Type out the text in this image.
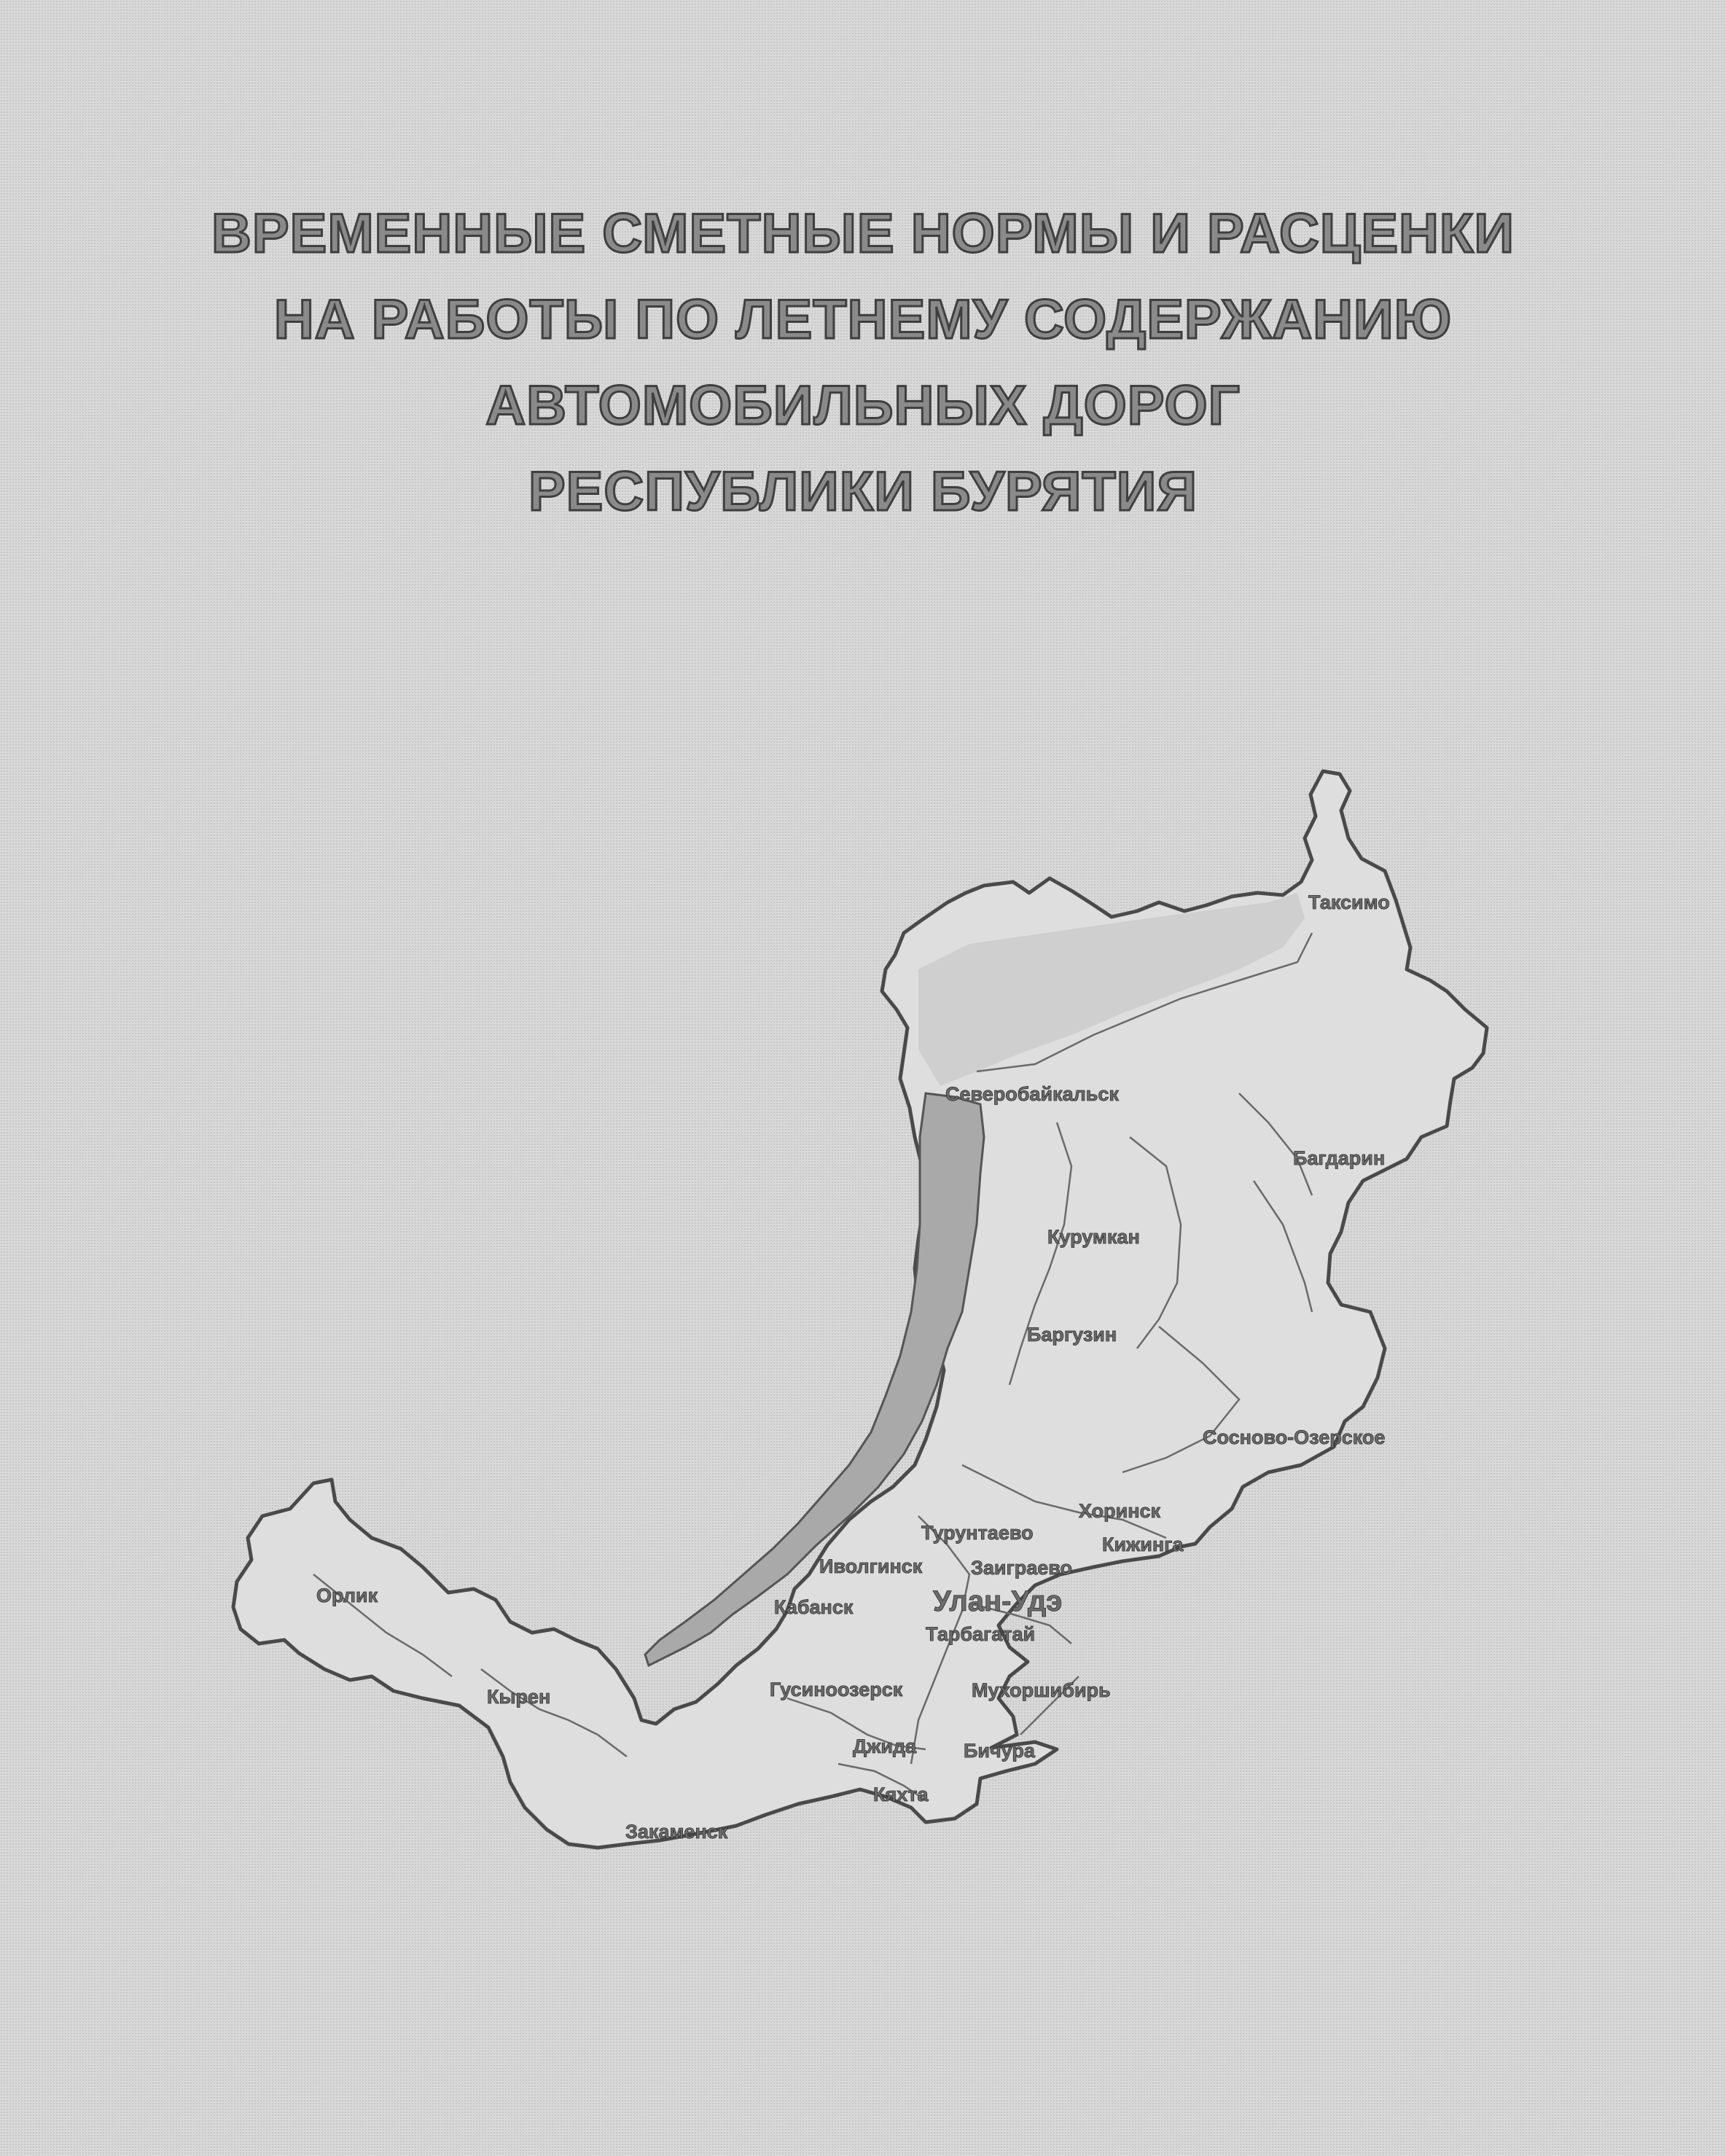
ВРЕМЕННЫЕ СМЕТНЫЕ НОРМЫ И РАСЦЕНКИ
НА РАБОТЫ ПО ЛЕТНЕМУ СОДЕРЖАНИЮ
АВТОМОБИЛЬНЫХ ДОРОГ
РЕСПУБЛИКИ БУРЯТИЯ
Таксимо
Северобайкальск
Багдарин
Курумкан
Баргузин
Сосново-Озерское
Хоринск
Турунтаево
Кижинга
Иволгинск Заиграево
Орлик
Кабанск	Улан-Удэ
Тарбагатай
Кырен	Гусиноозерск	Мухоршибирь
Джида Бичура
Кяхта
Закаменск
